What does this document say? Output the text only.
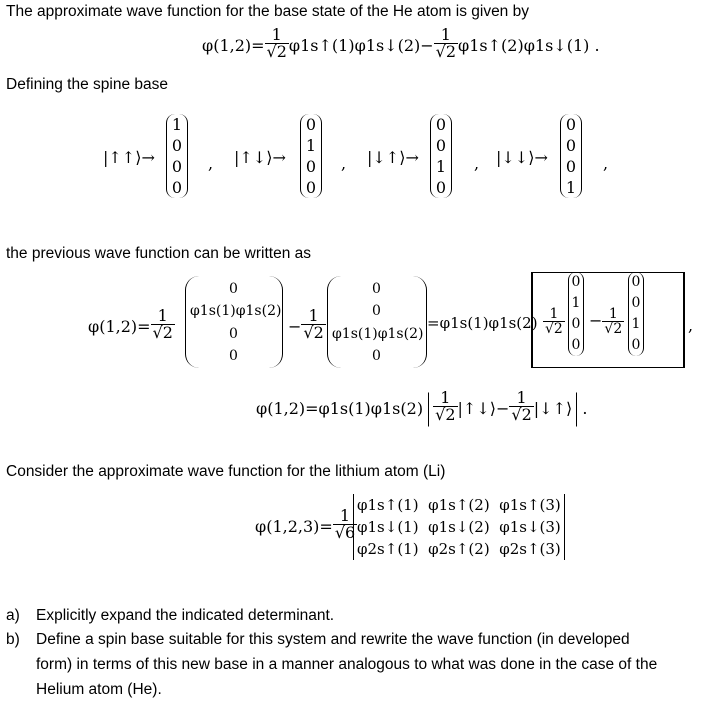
The approximate wave function for the base state of the He atom is given by
$\varphi(1,2)= \frac{1}{√2}$ φ1s↑(1)φ1s↓(2)− $\frac{1}{√2}$ φ1s↑(2)φ1s↓(1) .
Defining the spine base
|↑↑⟩→
1
0
0
0
, |↑↓⟩→
0
1
0
0
, |↓↑⟩→
0
0
1
0
, |↓↓⟩→
0
0
0
1
,
the previous wave function can be written as
$\varphi(1,2)= \frac{1}{√2}$
0
φ1s(1)φ1s(2)
0
0
− $\frac{1}{√2}$
0
0
φ1s(1)φ1s(2)
0
$=\varphi 1s(1)\varphi 1s(2) \frac{1}{√2}$
0
1
0
0
− $\frac{1}{√2}$
0
0
1
0
,
$\varphi(1,2)=\varphi 1s(1)\varphi 1s(2) \frac{1}{√2}$ |↑↓⟩− $\frac{1}{√2}$ |↓↑⟩ .
Consider the approximate wave function for the lithium atom (Li)
$\varphi(1,2,3)= \frac{1}{√6}$
φ1s↑(1) φ1s↑(2) φ1s↑(3)
φ1s↓(1) φ1s↓(2) φ1s↓(3)
φ2s↑(1) φ2s↑(2) φ2s↑(3)
a) Explicitly expand the indicated determinant.
b) Define a spin base suitable for this system and rewrite the wave function (in developed
form) in terms of this new base in a manner analogous to what was done in the case of the
Helium atom (He).
